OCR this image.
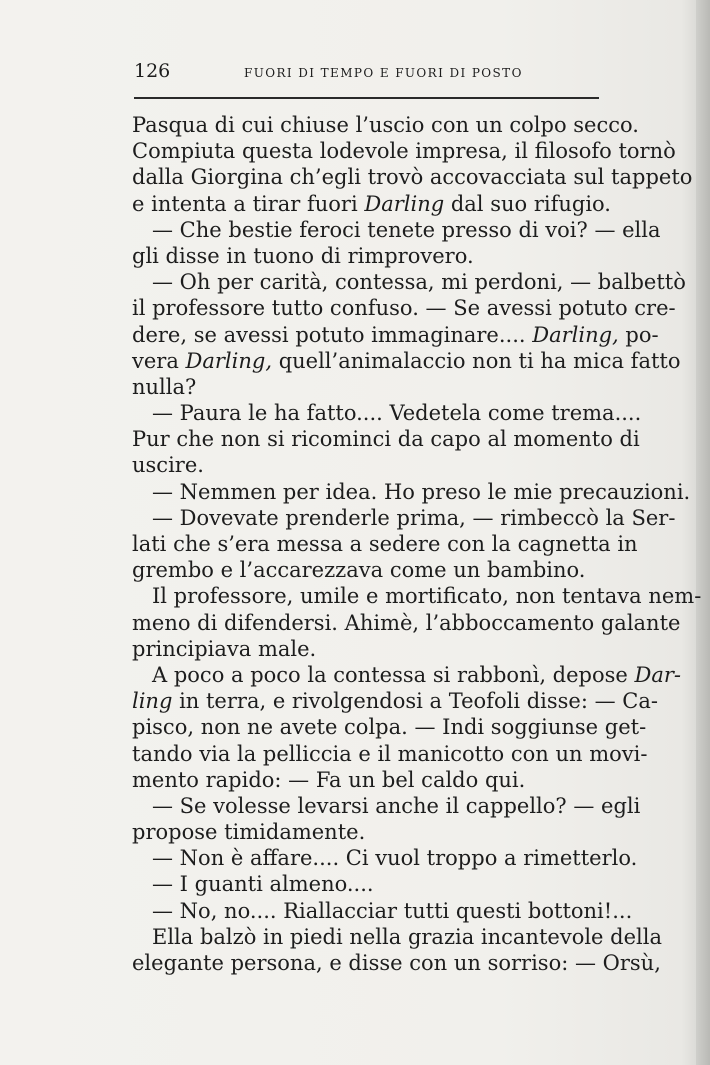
126	FUORI DI TEMPO E FUORI DI POSTO
Pasqua di cui chiuse l’uscio con un colpo secco.
Compiuta questa lodevole impresa, il filosofo tornò
dalla Giorgina ch’egli trovò accovacciata sul tappeto
e intenta a tirar fuori Darling dal suo rifugio.
— Che bestie feroci tenete presso di voi? — ella
gli disse in tuono di rimprovero.
— Oh per carità, contessa, mi perdoni, — balbettò
il professore tutto confuso. — Se avessi potuto cre-
dere, se avessi potuto immaginare.... Darling, po-
vera Darling, quell’animalaccio non ti ha mica fatto
nulla?
— Paura le ha fatto.... Vedetela come trema....
Pur che non si ricominci da capo al momento di
uscire.
— Nemmen per idea. Ho preso le mie precauzioni.
— Dovevate prenderle prima, — rimbeccò la Ser-
lati che s’era messa a sedere con la cagnetta in
grembo e l’accarezzava come un bambino.
Il professore, umile e mortificato, non tentava nem-
meno di difendersi. Ahimè, l’abboccamento galante
principiava male.
A poco a poco la contessa si rabbonì, depose Dar-
ling in terra, e rivolgendosi a Teofoli disse: — Ca-
pisco, non ne avete colpa. — Indi soggiunse get-
tando via la pelliccia e il manicotto con un movi-
mento rapido: — Fa un bel caldo qui.
— Se volesse levarsi anche il cappello? — egli
propose timidamente.
— Non è affare.... Ci vuol troppo a rimetterlo.
— I guanti almeno....
— No, no.... Riallacciar tutti questi bottoni!...
Ella balzò in piedi nella grazia incantevole della
elegante persona, e disse con un sorriso: — Orsù,
